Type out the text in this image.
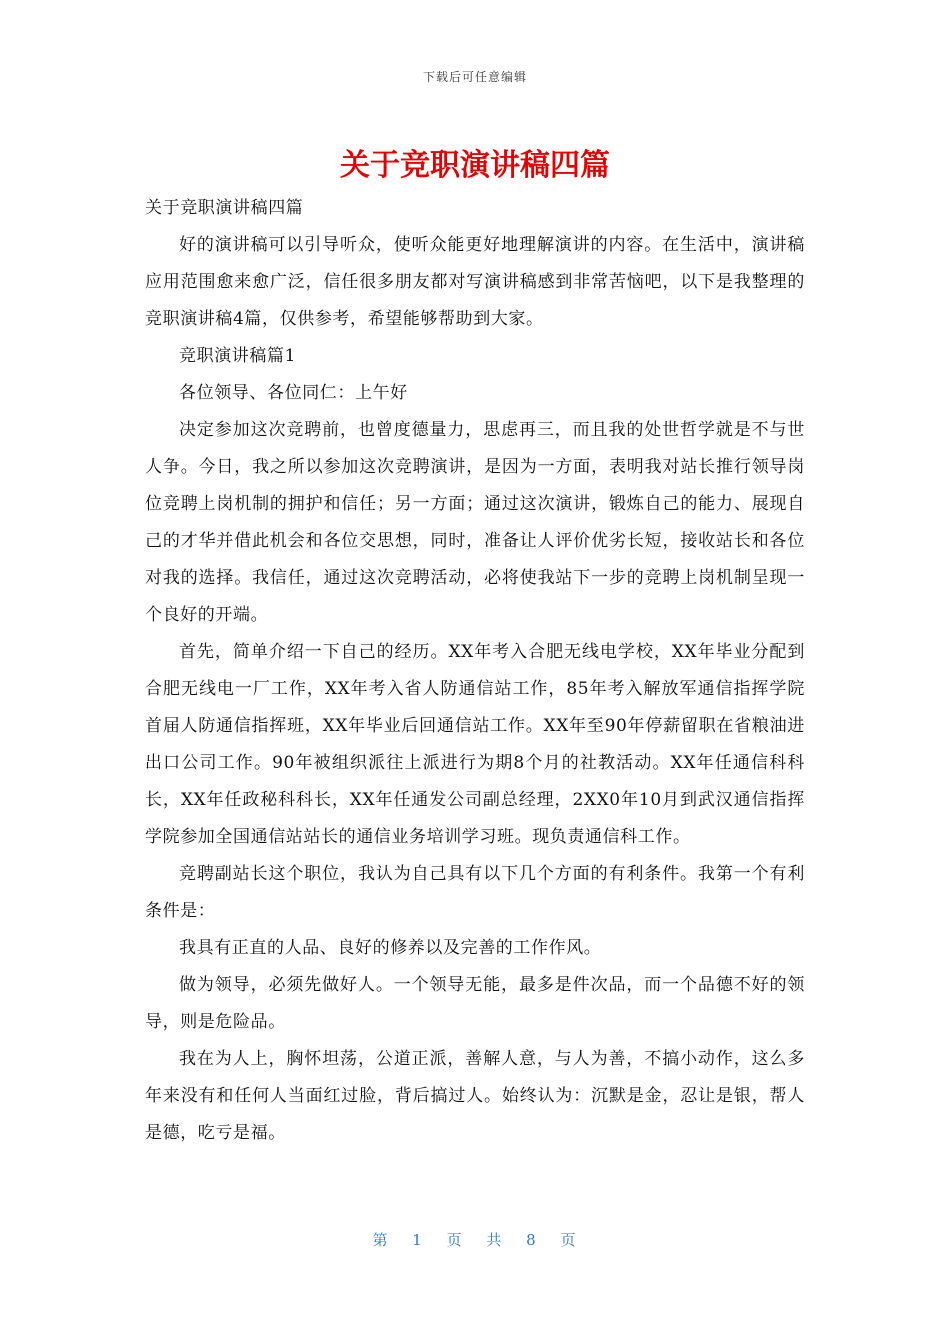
下载后可任意编辑
关于竞职演讲稿四篇

关于竞职演讲稿四篇

好的演讲稿可以引导听众，使听众能更好地理解演讲的内容。在生活中，演讲稿应用范围愈来愈广泛，信任很多朋友都对写演讲稿感到非常苦恼吧，以下是我整理的竞职演讲稿4篇，仅供参考，希望能够帮助到大家。

竞职演讲稿篇1

各位领导、各位同仁：上午好

决定参加这次竞聘前，也曾度德量力，思虑再三，而且我的处世哲学就是不与世人争。今日，我之所以参加这次竞聘演讲，是因为一方面，表明我对站长推行领导岗位竞聘上岗机制的拥护和信任；另一方面；通过这次演讲，锻炼自己的能力、展现自己的才华并借此机会和各位交思想，同时，准备让人评价优劣长短，接收站长和各位对我的选择。我信任，通过这次竞聘活动，必将使我站下一步的竞聘上岗机制呈现一个良好的开端。

首先，简单介绍一下自己的经历。XX年考入合肥无线电学校，XX年毕业分配到合肥无线电一厂工作，XX年考入省人防通信站工作，85年考入解放军通信指挥学院首届人防通信指挥班，XX年毕业后回通信站工作。XX年至90年停薪留职在省粮油进出口公司工作。90年被组织派往上派进行为期8个月的社教活动。XX年任通信科科长，XX年任政秘科科长，XX年任通发公司副总经理，2XX0年10月到武汉通信指挥学院参加全国通信站站长的通信业务培训学习班。现负责通信科工作。

竞聘副站长这个职位，我认为自己具有以下几个方面的有利条件。我第一个有利条件是：

我具有正直的人品、良好的修养以及完善的工作作风。

做为领导，必须先做好人。一个领导无能，最多是件次品，而一个品德不好的领导，则是危险品。

我在为人上，胸怀坦荡，公道正派，善解人意，与人为善，不搞小动作，这么多年来没有和任何人当面红过脸，背后搞过人。始终认为：沉默是金，忍让是银，帮人是德，吃亏是福。

第 1 页 共 8 页
